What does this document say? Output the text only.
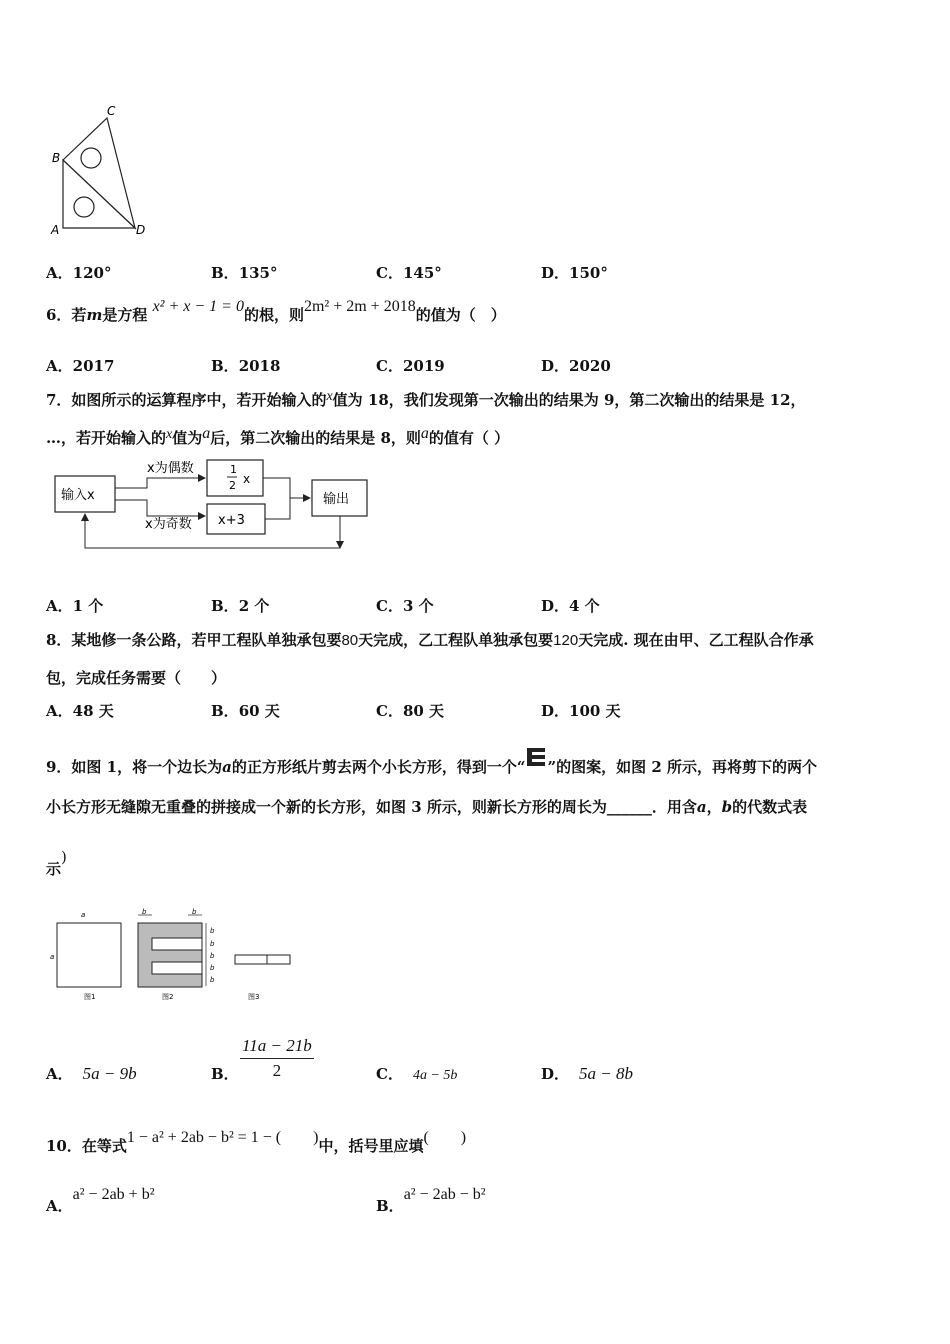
C
B
A	D
A．120°	B．135°	C．145°	D．150°
6．若m是方程 x² + x − 1 = 0的根，则2m² + 2m + 2018的值为（　）
A．2017	B．2018	C．2019	D．2020
7．如图所示的运算程序中，若开始输入的x值为 18，我们发现第一次输出的结果为 9，第二次输出的结果是 12，
…，若开始输入的x值为a后，第二次输出的结果是 8，则a的值有（ ）
输入x
1
2 x
x+3
输出
x为偶数
x为奇数
A．1 个	B．2 个	C．3 个	D．4 个
8．某地修一条公路，若甲工程队单独承包要80天完成，乙工程队单独承包要120天完成. 现在由甲、乙工程队合作承
包，完成任务需要（　　）
A．48 天	B．60 天	C．80 天	D．100 天
9．如图 1，将一个边长为a的正方形纸片剪去两个小长方形，得到一个“ ”的图案，如图 2 所示，再将剪下的两个
小长方形无缝隙无重叠的拼接成一个新的长方形，如图 3 所示，则新长方形的周长为______．用含a，b的代数式表
示)
a
a
图1
b	b
b
b
b
b
b
图2	图3
A． 5a − 9b	B． $\frac{11a - 21b}{2}$	C． 4a − 5b	D． 5a − 8b
10．在等式1 − a² + 2ab − b² = 1 − (　　)中，括号里应填(　　)
A．a² − 2ab + b²
B．a² − 2ab − b²
